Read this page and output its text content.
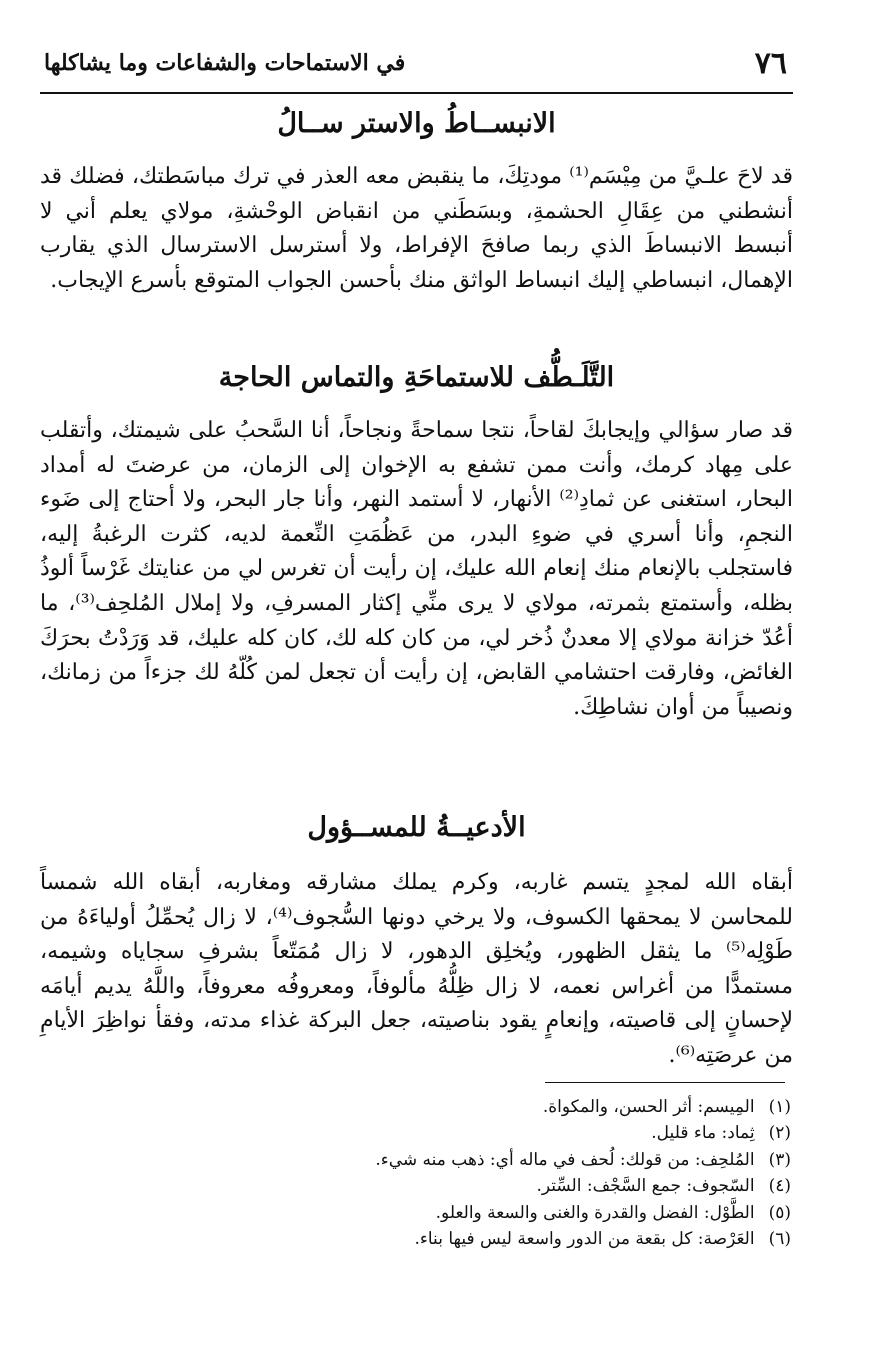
٧٦
في الاستماحات والشفاعات وما يشاكلها
الانبســاطُ والاستر ســالُ
قد لاحَ علـيَّ من مِيْسَم⁽¹⁾ مودتِكَ، ما ينقبض معه العذر في ترك مباسَطتك، فضلك قد أنشطني من عِقَالِ الحشمةِ، وبسَطَني من انقباض الوحْشةِ، مولاي يعلم أني لا أنبسط الانبساطَ الذي ربما صافحَ الإفراط، ولا أسترسل الاسترسال الذي يقارب الإهمال، انبساطي إليك انبساط الواثق منك بأحسن الجواب المتوقع بأسرع الإيجاب.
التَّلَـطُّف للاستماحَةِ والتماس الحاجة
قد صار سؤالي وإيجابكَ لقاحاً، نتجا سماحةً ونجاحاً، أنا السَّحبُ على شيمتك، وأتقلب على مِهاد كرمك، وأنت ممن تشفع به الإخوان إلى الزمان، من عرضتَ له أمداد البحار، استغنى عن ثمادِ⁽²⁾ الأنهار، لا أستمد النهر، وأنا جار البحر، ولا أحتاج إلى ضَوء النجمِ، وأنا أسري في ضوءِ البدر، من عَظُمَتِ النِّعمة لديه، كثرت الرغبةُ إليه، فاستجلب بالإنعام منك إنعام الله عليك، إن رأيت أن تغرس لي من عنايتك غَرْساً ألوذُ بظله، وأستمتع بثمرته، مولاي لا يرى منِّي إكثار المسرفِ، ولا إملال المُلحِف⁽³⁾، ما أعُدّ خزانة مولاي إلا معدنٌ ذُخر لي، من كان كله لك، كان كله عليك، قد وَرَدْتُ بحرَكَ الغائض، وفارقت احتشامي القابض، إن رأيت أن تجعل لمن كُلّهُ لك جزءاً من زمانك، ونصيباً من أوان نشاطِكَ.
الأدعيــةُ للمســؤول
أبقاه الله لمجدٍ يتسم غاربه، وكرم يملك مشارقه ومغاربه، أبقاه الله شمساً للمحاسن لا يمحقها الكسوف، ولا يرخي دونها السُّجوف⁽⁴⁾، لا زال يُحمِّلُ أولياءَهُ من طَوْلِه⁽⁵⁾ ما يثقل الظهور، ويُخلِق الدهور، لا زال مُمَتّعاً بشرفِ سجاياه وشيمه، مستمدًّا من أغراس نعمه، لا زال ظِلُّهُ مألوفاً، ومعروفُه معروفاً، واللَّهُ يديم أيامَه لإحسانٍ إلى قاصيته، وإنعامٍ يقود بناصيته، جعل البركة غذاء مدته، وفقأ نواظِرَ الأيامِ من عرصَتِه⁽⁶⁾.
(١)المِيسم: أثر الحسن، والمكواة.
(٢)ثِماد: ماء قليل.
(٣)المُلحِف: من قولك: لُحف في ماله أي: ذهب منه شيء.
(٤)السّجوف: جمع السَّجْف: السِّتر.
(٥)الطَّوْل: الفضل والقدرة والغنى والسعة والعلو.
(٦)العَرْصة: كل بقعة من الدور واسعة ليس فيها بناء.
